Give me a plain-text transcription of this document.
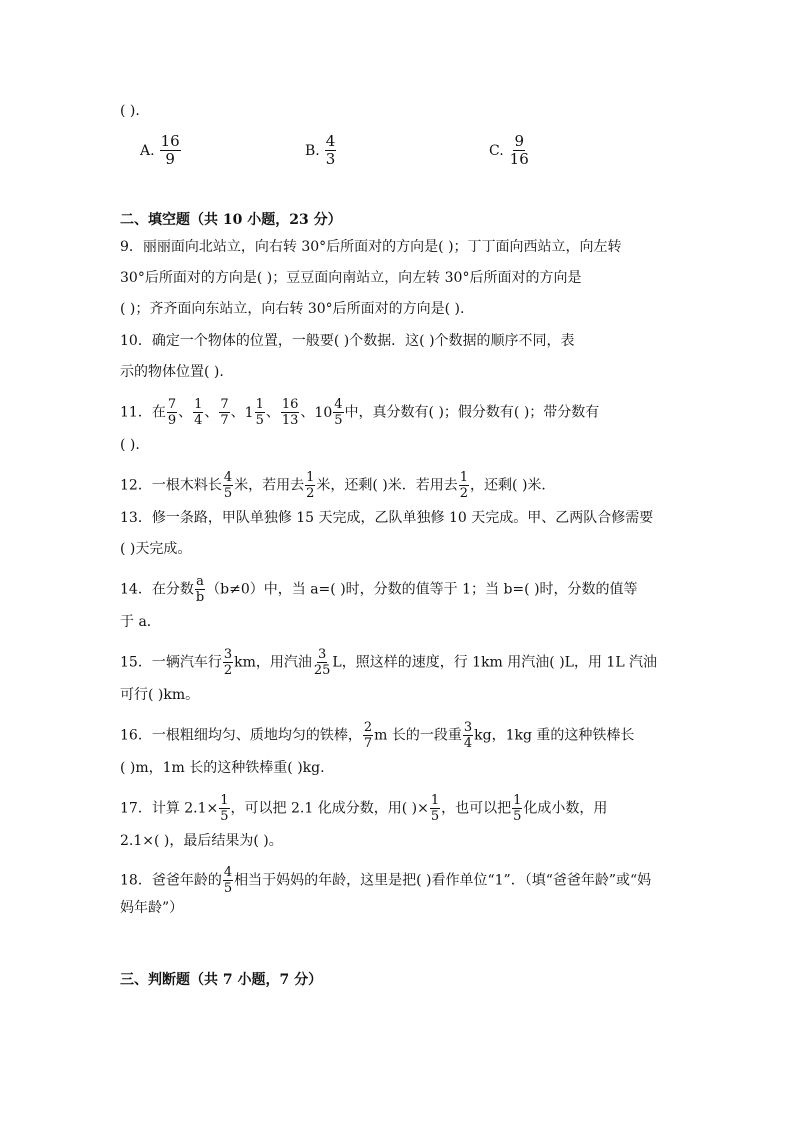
( ).
A. $\frac{16}{9}$	B. $\frac{4}{3}$	C. $\frac{9}{16}$
二、填空题（共 10 小题，23 分）
9．丽丽面向北站立，向右转 30°后所面对的方向是( )；丁丁面向西站立，向左转
30°后所面对的方向是( )；豆豆面向南站立，向左转 30°后所面对的方向是
( )；齐齐面向东站立，向右转 30°后所面对的方向是( ).
10．确定一个物体的位置，一般要( )个数据．这( )个数据的顺序不同，表
示的物体位置( ).
11．在 $\frac{7}{9}$ 、 $\frac{1}{4}$ 、 $\frac{7}{7}$ 、 $1 \frac{1}{5}$ 、 $\frac{16}{13}$ 、 $10 \frac{4}{5}$ 中，真分数有( )；假分数有( )；带分数有
( ).
12．一根木料长 $\frac{4}{5}$ 米，若用去 $\frac{1}{2}$ 米，还剩( )米．若用去 $\frac{1}{2}$ ，还剩( )米．
13．修一条路，甲队单独修 15 天完成，乙队单独修 10 天完成。甲、乙两队合修需要
( )天完成。
14．在分数 $\frac{a}{b} (b\ne 0)$中，当 a=( )时，分数的值等于 1；当 b=( )时，分数的值等
于 a．
15．一辆汽车行 $\frac{3}{2}$ km，用汽油 $\frac{3}{25}$ L，照这样的速度，行 1km 用汽油( )L，用 1L 汽油
可行( )km。
16．一根粗细均匀、质地均匀的铁棒， $\frac{2}{7}$ m 长的一段重 $\frac{3}{4}$ kg，1kg 重的这种铁棒长
( )m，1m 长的这种铁棒重( )kg.
17．计算 $2.1\times \frac{1}{5}$ ，可以把 2.1 化成分数，用( )× $\frac{1}{5}$ ，也可以把 $\frac{1}{5}$ 化成小数，用
2.1×( )，最后结果为( )。
18．爸爸年龄的 $\frac{4}{5}$ 相当于妈妈的年龄，这里是把( )看作单位“1”．（填“爸爸年龄”或“妈
妈年龄”）
三、判断题（共 7 小题，7 分）
